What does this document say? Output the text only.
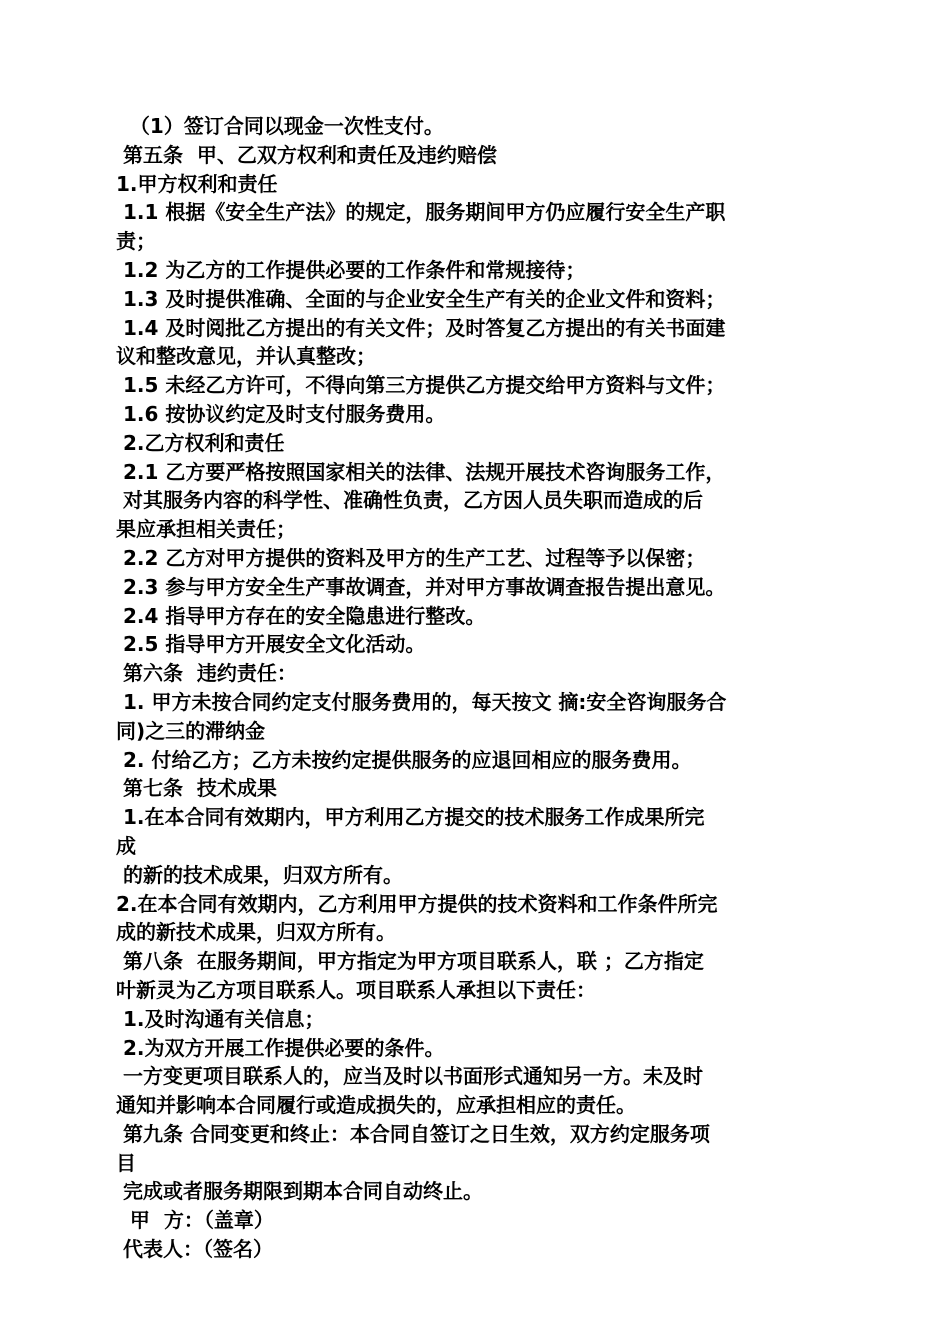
（1）签订合同以现金一次性支付。
第五条  甲、乙双方权利和责任及违约赔偿
1.甲方权利和责任
1.1 根据《安全生产法》的规定，服务期间甲方仍应履行安全生产职
责；
1.2 为乙方的工作提供必要的工作条件和常规接待；
1.3 及时提供准确、全面的与企业安全生产有关的企业文件和资料；
1.4 及时阅批乙方提出的有关文件；及时答复乙方提出的有关书面建
议和整改意见，并认真整改；
1.5 未经乙方许可，不得向第三方提供乙方提交给甲方资料与文件；
1.6 按协议约定及时支付服务费用。
2.乙方权利和责任
2.1 乙方要严格按照国家相关的法律、法规开展技术咨询服务工作，
对其服务内容的科学性、准确性负责，乙方因人员失职而造成的后
果应承担相关责任；
2.2 乙方对甲方提供的资料及甲方的生产工艺、过程等予以保密；
2.3 参与甲方安全生产事故调查，并对甲方事故调查报告提出意见。
2.4 指导甲方存在的安全隐患进行整改。
2.5 指导甲方开展安全文化活动。
第六条  违约责任：
1. 甲方未按合同约定支付服务费用的，每天按文 摘:安全咨询服务合
同)之三的滞纳金
2. 付给乙方；乙方未按约定提供服务的应退回相应的服务费用。
第七条  技术成果
1.在本合同有效期内，甲方利用乙方提交的技术服务工作成果所完
成
的新的技术成果，归双方所有。
2.在本合同有效期内，乙方利用甲方提供的技术资料和工作条件所完
成的新技术成果，归双方所有。
第八条  在服务期间，甲方指定为甲方项目联系人，联 ；乙方指定
叶新灵为乙方项目联系人。项目联系人承担以下责任：
1.及时沟通有关信息；
2.为双方开展工作提供必要的条件。
一方变更项目联系人的，应当及时以书面形式通知另一方。未及时
通知并影响本合同履行或造成损失的，应承担相应的责任。
第九条 合同变更和终止：本合同自签订之日生效，双方约定服务项
目
完成或者服务期限到期本合同自动终止。
甲  方：（盖章）
代表人：（签名）
